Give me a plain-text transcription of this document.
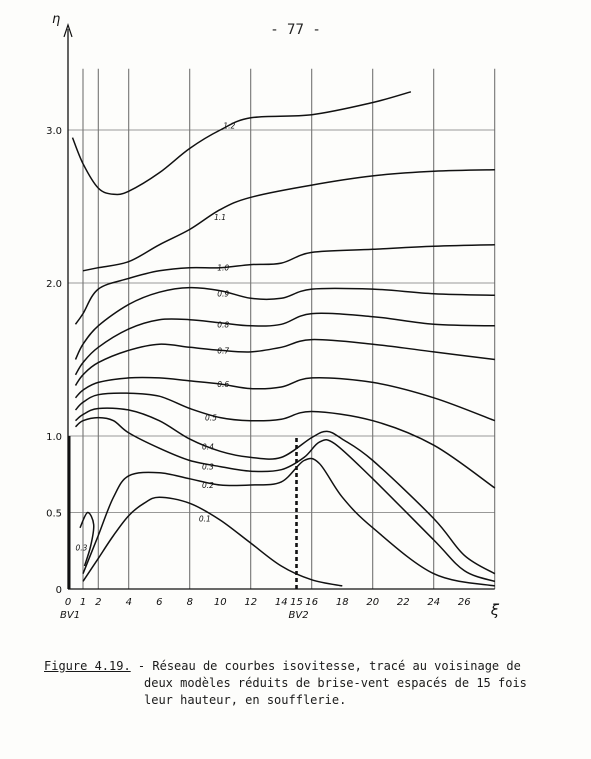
- 77 -
η
ξ
0
0.5
1.0
2.0
3.0
0 1 2 4 6 8 10 12 14 15 16 18 20 22 24 26
BV1	BV2
1.2
1.1
1.0
0.9
0.8
0.7
0.6
0.5
0.4
0.3
0.2
0.1
0.3
Figure 4.19. - Réseau de courbes isovitesse, tracé au voisinage de
deux modèles réduits de brise-vent espacés de 15 fois
leur hauteur, en soufflerie.
